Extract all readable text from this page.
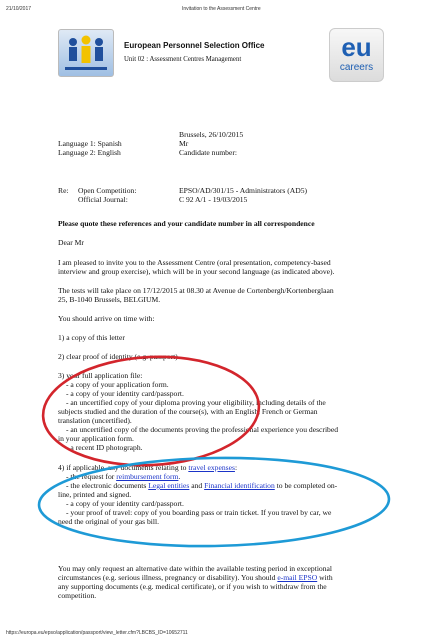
21/10/2017	Invitation to the Assessment Centre
European Personnel Selection Office
Unit 02 : Assessment Centres Management	eu
careers
Language 1: Spanish
Language 2: English
Brussels, 26/10/2015
Mr
Candidate number:
Re: Open Competition:
Official Journal:
EPSO/AD/301/15 - Administrators (AD5)
C 92 A/1 - 19/03/2015
Please quote these references and your candidate number in all correspondence
Dear Mr
I am pleased to invite you to the Assessment Centre (oral presentation, competency-based
interview and group exercise), which will be in your second language (as indicated above).
The tests will take place on 17/12/2015 at 08.30 at Avenue de Cortenbergh/Kortenberglaan
25, B-1040 Brussels, BELGIUM.
You should arrive on time with:
1) a copy of this letter
2) clear proof of identity (e.g. passport)
3) your full application file:
- a copy of your application form.
- a copy of your identity card/passport.
- an uncertified copy of your diploma proving your eligibility, including details of the
subjects studied and the duration of the course(s), with an English, French or German
translation (uncertified).
- an uncertified copy of the documents proving the professional experience you described
in your application form.
- a recent ID photograph.
4) if applicable, any documents relating to travel expenses:
- the request for reimbursement form.
- the electronic documents Legal entities and Financial identification to be completed on-
line, printed and signed.
- a copy of your identity card/passport.
- your proof of travel: copy of you boarding pass or train ticket. If you travel by car, we
need the original of your gas bill.
You may only request an alternative date within the available testing period in exceptional
circumstances (e.g. serious illness, pregnancy or disability). You should e-mail EPSO with
any supporting documents (e.g. medical certificate), or if you wish to withdraw from the
competition.
https://europa.eu/epso/application/passport/view_letter.cfm?LBCBS_ID=10652711
